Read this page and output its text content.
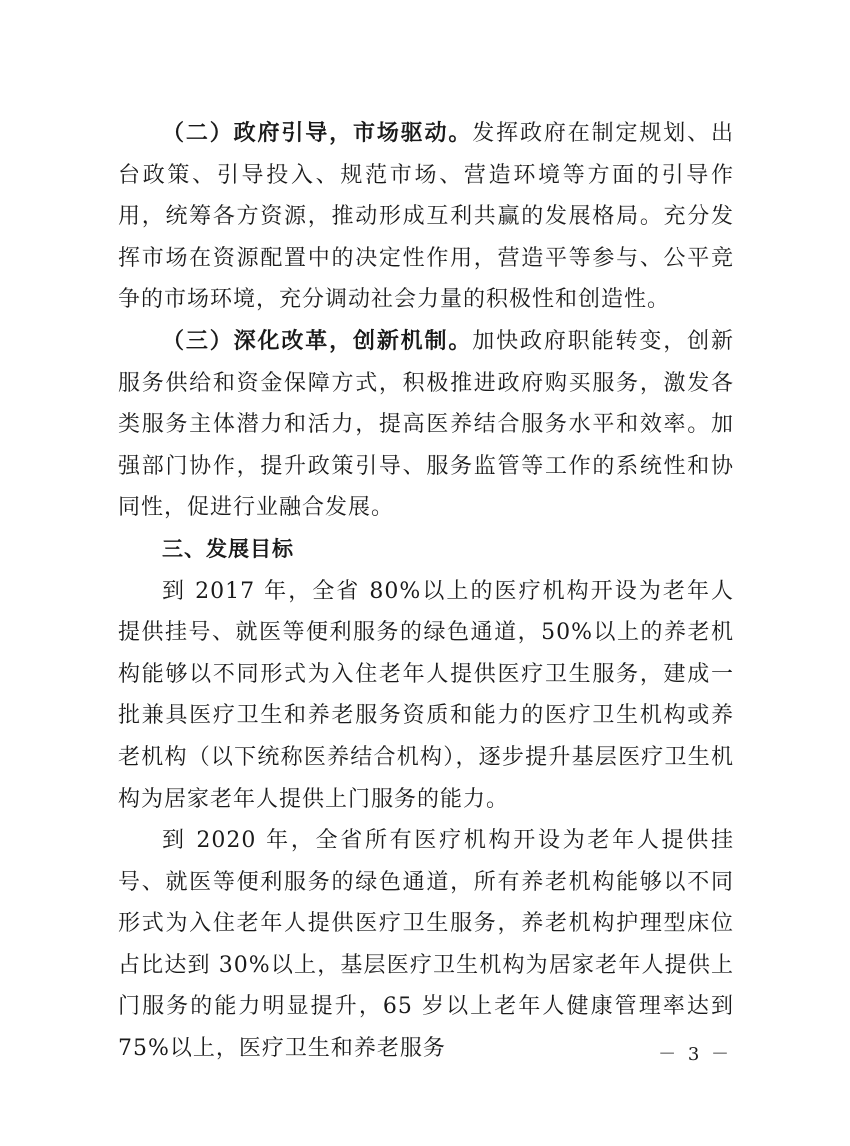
（二）政府引导，市场驱动。发挥政府在制定规划、出台政策、引导投入、规范市场、营造环境等方面的引导作用，统筹各方资源，推动形成互利共赢的发展格局。充分发挥市场在资源配置中的决定性作用，营造平等参与、公平竞争的市场环境，充分调动社会力量的积极性和创造性。

（三）深化改革，创新机制。加快政府职能转变，创新服务供给和资金保障方式，积极推进政府购买服务，激发各类服务主体潜力和活力，提高医养结合服务水平和效率。加强部门协作，提升政策引导、服务监管等工作的系统性和协同性，促进行业融合发展。

三、发展目标

到 2017 年，全省 80%以上的医疗机构开设为老年人提供挂号、就医等便利服务的绿色通道，50%以上的养老机构能够以不同形式为入住老年人提供医疗卫生服务，建成一批兼具医疗卫生和养老服务资质和能力的医疗卫生机构或养老机构（以下统称医养结合机构），逐步提升基层医疗卫生机构为居家老年人提供上门服务的能力。

到 2020 年，全省所有医疗机构开设为老年人提供挂号、就医等便利服务的绿色通道，所有养老机构能够以不同形式为入住老年人提供医疗卫生服务，养老机构护理型床位占比达到 30%以上，基层医疗卫生机构为居家老年人提供上门服务的能力明显提升，65 岁以上老年人健康管理率达到 75%以上，医疗卫生和养老服务	－ 3 －
